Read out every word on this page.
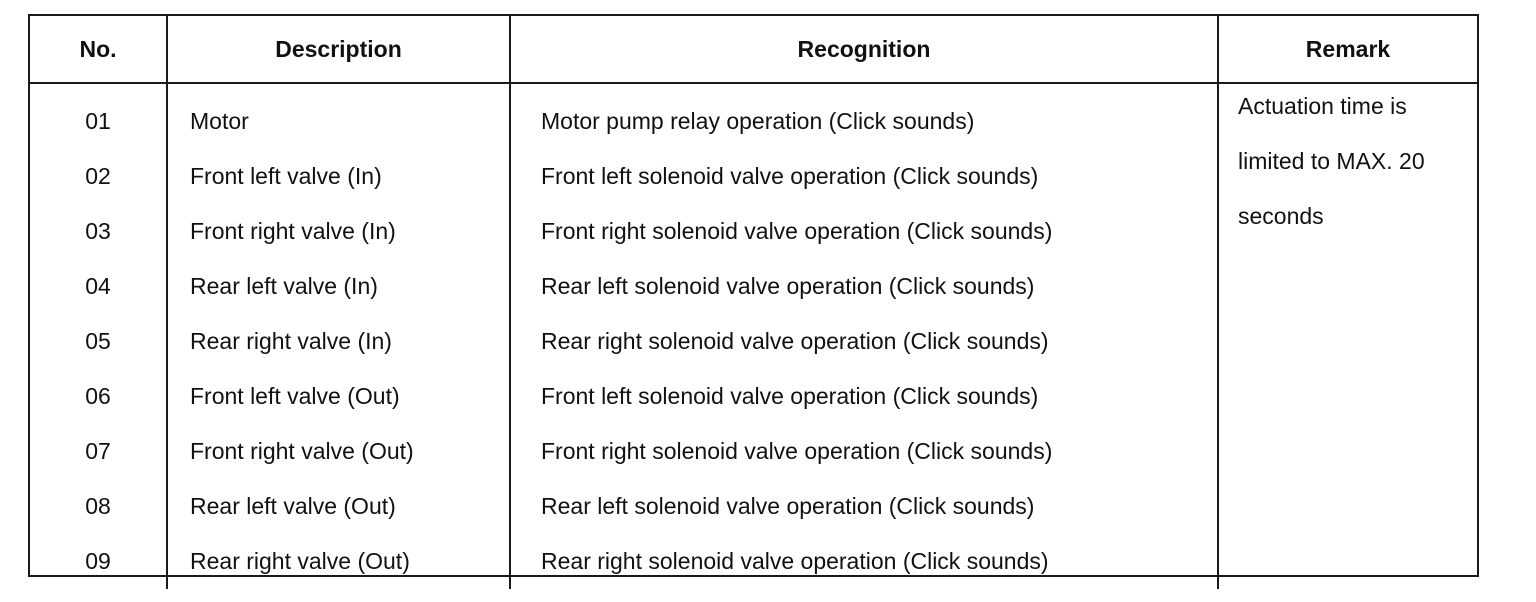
No.	Description	Recognition	Remark
01	Motor	Motor pump relay operation (Click sounds)	Actuation time is
limited to MAX. 20
seconds

02	Front left valve (In)	Front left solenoid valve operation (Click sounds)	
03	Front right valve (In)	Front right solenoid valve operation (Click sounds)	
04	Rear left valve (In)	Rear left solenoid valve operation (Click sounds)	
05	Rear right valve (In)	Rear right solenoid valve operation (Click sounds)	
06	Front left valve (Out)	Front left solenoid valve operation (Click sounds)	
07	Front right valve (Out)	Front right solenoid valve operation (Click sounds)	
08	Rear left valve (Out)	Rear left solenoid valve operation (Click sounds)	
09	Rear right valve (Out)	Rear right solenoid valve operation (Click sounds)	
